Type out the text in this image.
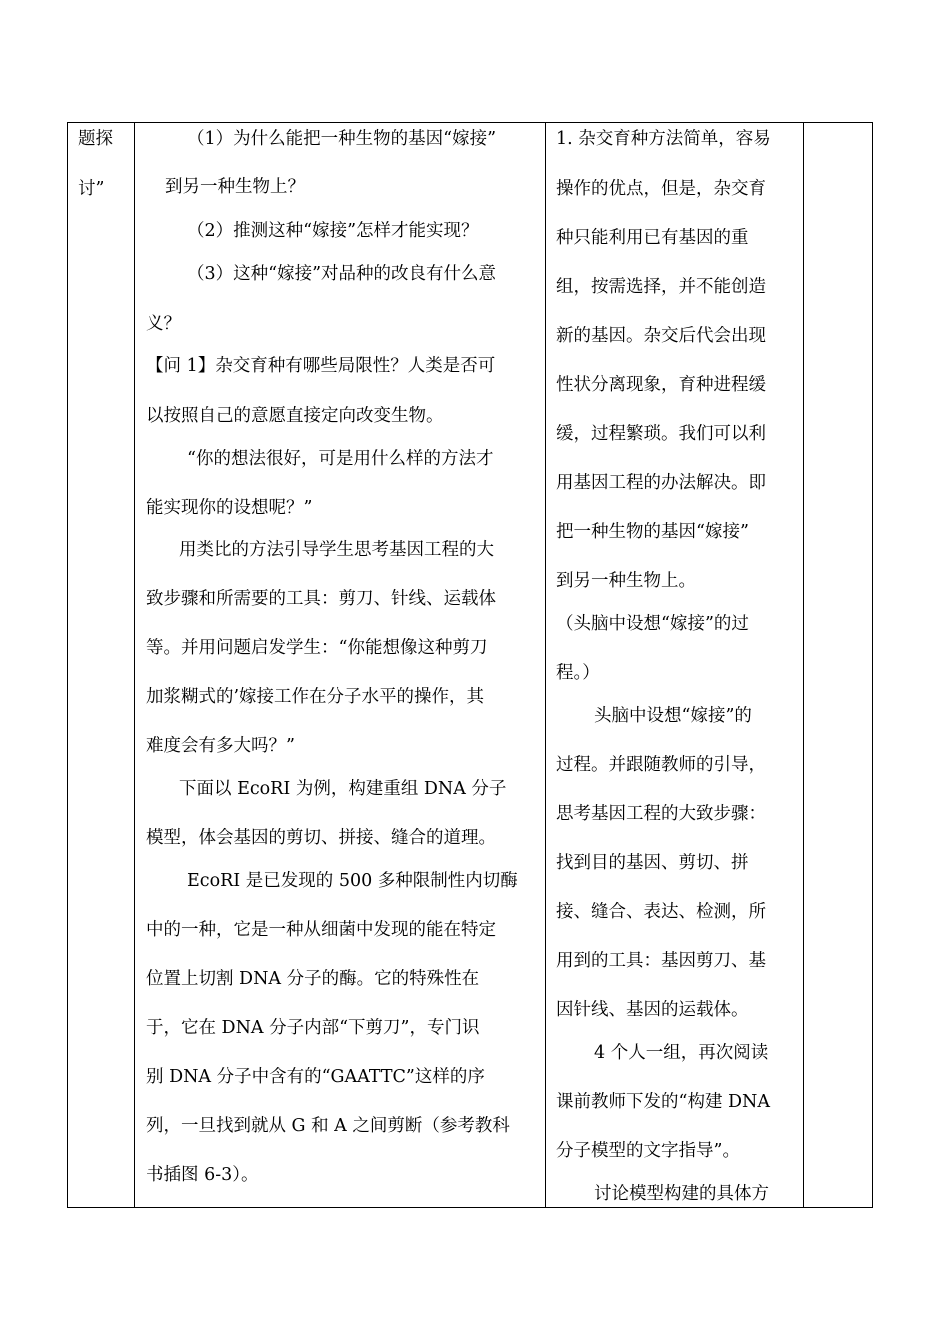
题探
讨”
（1）为什么能把一种生物的基因“嫁接”
到另一种生物上？
（2）推测这种“嫁接”怎样才能实现？
（3）这种“嫁接”对品种的改良有什么意
义？
【问 1】杂交育种有哪些局限性？人类是否可
以按照自己的意愿直接定向改变生物。
“你的想法很好，可是用什么样的方法才
能实现你的设想呢？”
用类比的方法引导学生思考基因工程的大
致步骤和所需要的工具：剪刀、针线、运载体
等。并用问题启发学生：“你能想像这种剪刀
加浆糊式的’嫁接工作在分子水平的操作，其
难度会有多大吗？”
下面以 EcoRI 为例，构建重组 DNA 分子
模型，体会基因的剪切、拼接、缝合的道理。
EcoRI 是已发现的 500 多种限制性内切酶
中的一种，它是一种从细菌中发现的能在特定
位置上切割 DNA 分子的酶。它的特殊性在
于，它在 DNA 分子内部“下剪刀”，专门识
别 DNA 分子中含有的“GAATTC”这样的序
列，一旦找到就从 G 和 A 之间剪断（参考教科
书插图 6-3）。
1. 杂交育种方法简单，容易
操作的优点，但是，杂交育
种只能利用已有基因的重
组，按需选择，并不能创造
新的基因。杂交后代会出现
性状分离现象，育种进程缓
缓，过程繁琐。我们可以利
用基因工程的办法解决。即
把一种生物的基因“嫁接”
到另一种生物上。
（头脑中设想“嫁接”的过
程。）
头脑中设想“嫁接”的
过程。并跟随教师的引导，
思考基因工程的大致步骤：
找到目的基因、剪切、拼
接、缝合、表达、检测，所
用到的工具：基因剪刀、基
因针线、基因的运载体。
4 个人一组，再次阅读
课前教师下发的“构建 DNA
分子模型的文字指导”。
讨论模型构建的具体方
